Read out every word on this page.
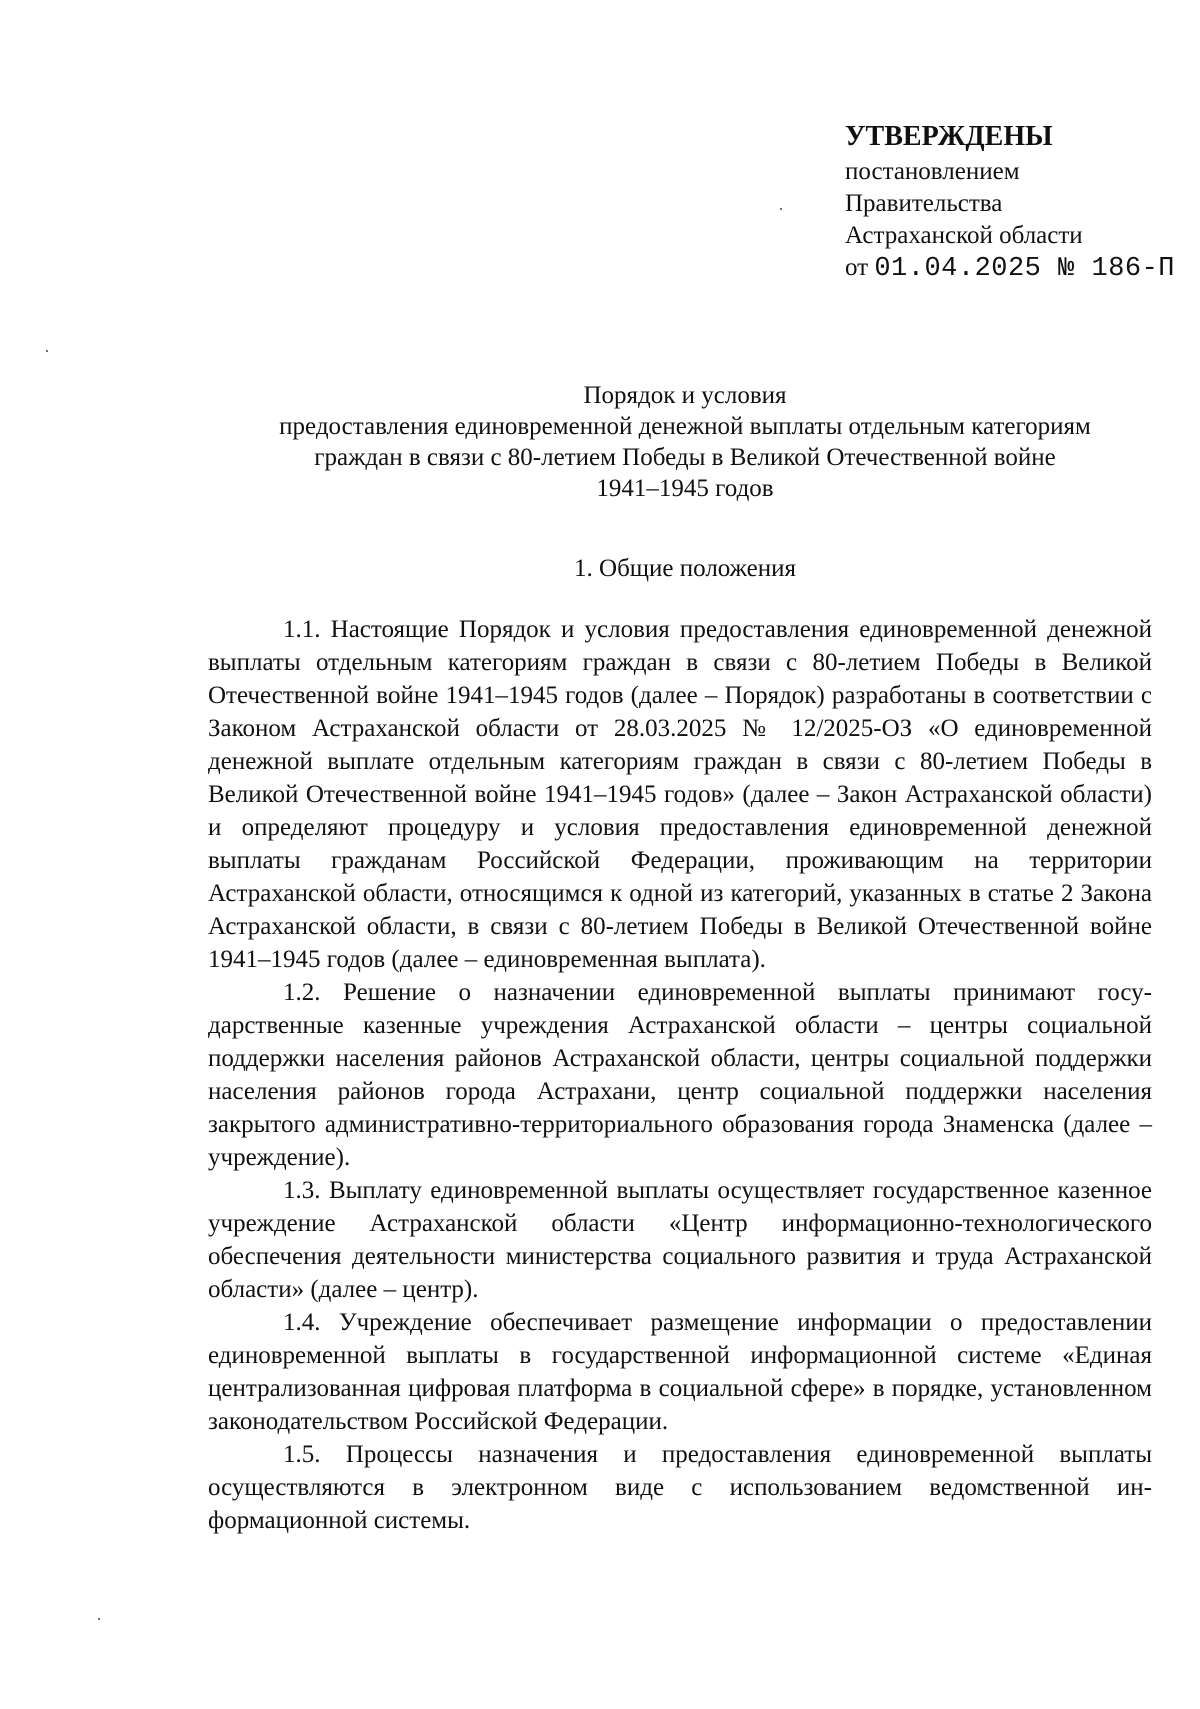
УТВЕРЖДЕНЫ
постановлением
Правительства
Астраханской области
от 01.04.2025 № 186-П
Порядок и условия
предоставления единовременной денежной выплаты отдельным категориям
граждан в связи с 80-летием Победы в Великой Отечественной войне
1941–1945 годов
1. Общие положения

1.1. Настоящие Порядок и условия предоставления единовременной денежной выплаты отдельным категориям граждан в связи с 80-летием Победы в Великой Отечественной войне 1941–1945 годов (далее – Порядок) разработаны в соответствии с Законом Астраханской области от 28.03.2025 № 12/2025-ОЗ «О единовременной денежной выплате отдельным категориям граждан в связи с 80-летием Победы в Великой Отечественной войне 1941–1945 годов» (далее – Закон Астраханской области) и определяют процедуру и условия предоставления единовременной денежной выплаты гражданам Российской Федерации, проживающим на территории Астраханской области, относящимся к одной из категорий, указанных в статье 2 Закона Астраханской области, в связи с 80-летием Победы в Великой Отечественной войне 1941–1945 годов (далее – единовременная выплата).

1.2. Решение о назначении единовременной выплаты принимают государственные казенные учреждения Астраханской области – центры социальной поддержки населения районов Астраханской области, центры социальной поддержки населения районов города Астрахани, центр социальной поддержки населения закрытого административно-территориального образования города Знаменска (далее – учреждение).

1.3. Выплату единовременной выплаты осуществляет государственное казенное учреждение Астраханской области «Центр информационно-технологического обеспечения деятельности министерства социального развития и труда Астраханской области» (далее – центр).

1.4. Учреждение обеспечивает размещение информации о предоставлении единовременной выплаты в государственной информационной системе «Единая централизованная цифровая платформа в социальной сфере» в порядке, установленном законодательством Российской Федерации.

1.5. Процессы назначения и предоставления единовременной выплаты осуществляются в электронном виде с использованием ведомственной информационной системы.
